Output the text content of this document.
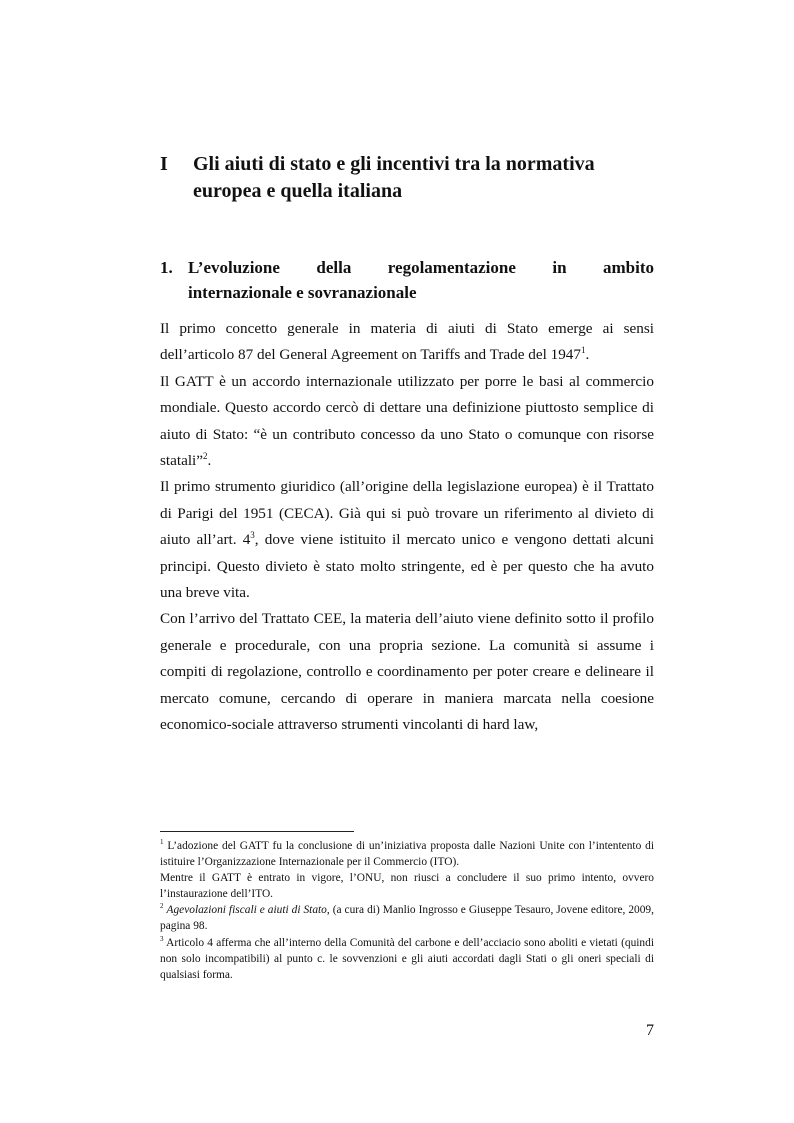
I Gli aiuti di stato e gli incentivi tra la normativa europea e quella italiana
1. L’evoluzione della regolamentazione in ambito
internazionale e sovranazionale

Il primo concetto generale in materia di aiuti di Stato emerge ai sensi dell’articolo 87 del General Agreement on Tariffs and Trade del 1947$^1$.

Il GATT è un accordo internazionale utilizzato per porre le basi al commercio mondiale. Questo accordo cercò di dettare una definizione piuttosto semplice di aiuto di Stato: “è un contributo concesso da uno Stato o comunque con risorse statali”$^2$.

Il primo strumento giuridico (all’origine della legislazione europea) è il Trattato di Parigi del 1951 (CECA). Già qui si può trovare un riferimento al divieto di aiuto all’art. $4^3$, dove viene istituito il mercato unico e vengono dettati alcuni principi. Questo divieto è stato molto stringente, ed è per questo che ha avuto una breve vita.

Con l’arrivo del Trattato CEE, la materia dell’aiuto viene definito sotto il profilo generale e procedurale, con una propria sezione. La comunità si assume i compiti di regolazione, controllo e coordinamento per poter creare e delineare il mercato comune, cercando di operare in maniera marcata nella coesione economico-sociale attraverso strumenti vincolanti di hard law,

$^1$ L’adozione del GATT fu la conclusione di un’iniziativa proposta dalle Nazioni Unite con l’intentento di istituire l’Organizzazione Internazionale per il Commercio (ITO).

Mentre il GATT è entrato in vigore, l’ONU, non riusci a concludere il suo primo intento, ovvero l’instaurazione dell’ITO.

$^2$ Agevolazioni fiscali e aiuti di Stato, (a cura di) Manlio Ingrosso e Giuseppe Tesauro, Jovene editore, 2009, pagina 98.

$^3$ Articolo 4 afferma che all’interno della Comunità del carbone e dell’acciacio sono aboliti e vietati (quindi non solo incompatibili) al punto c. le sovvenzioni e gli aiuti accordati dagli Stati o gli oneri speciali di qualsiasi forma.

7
